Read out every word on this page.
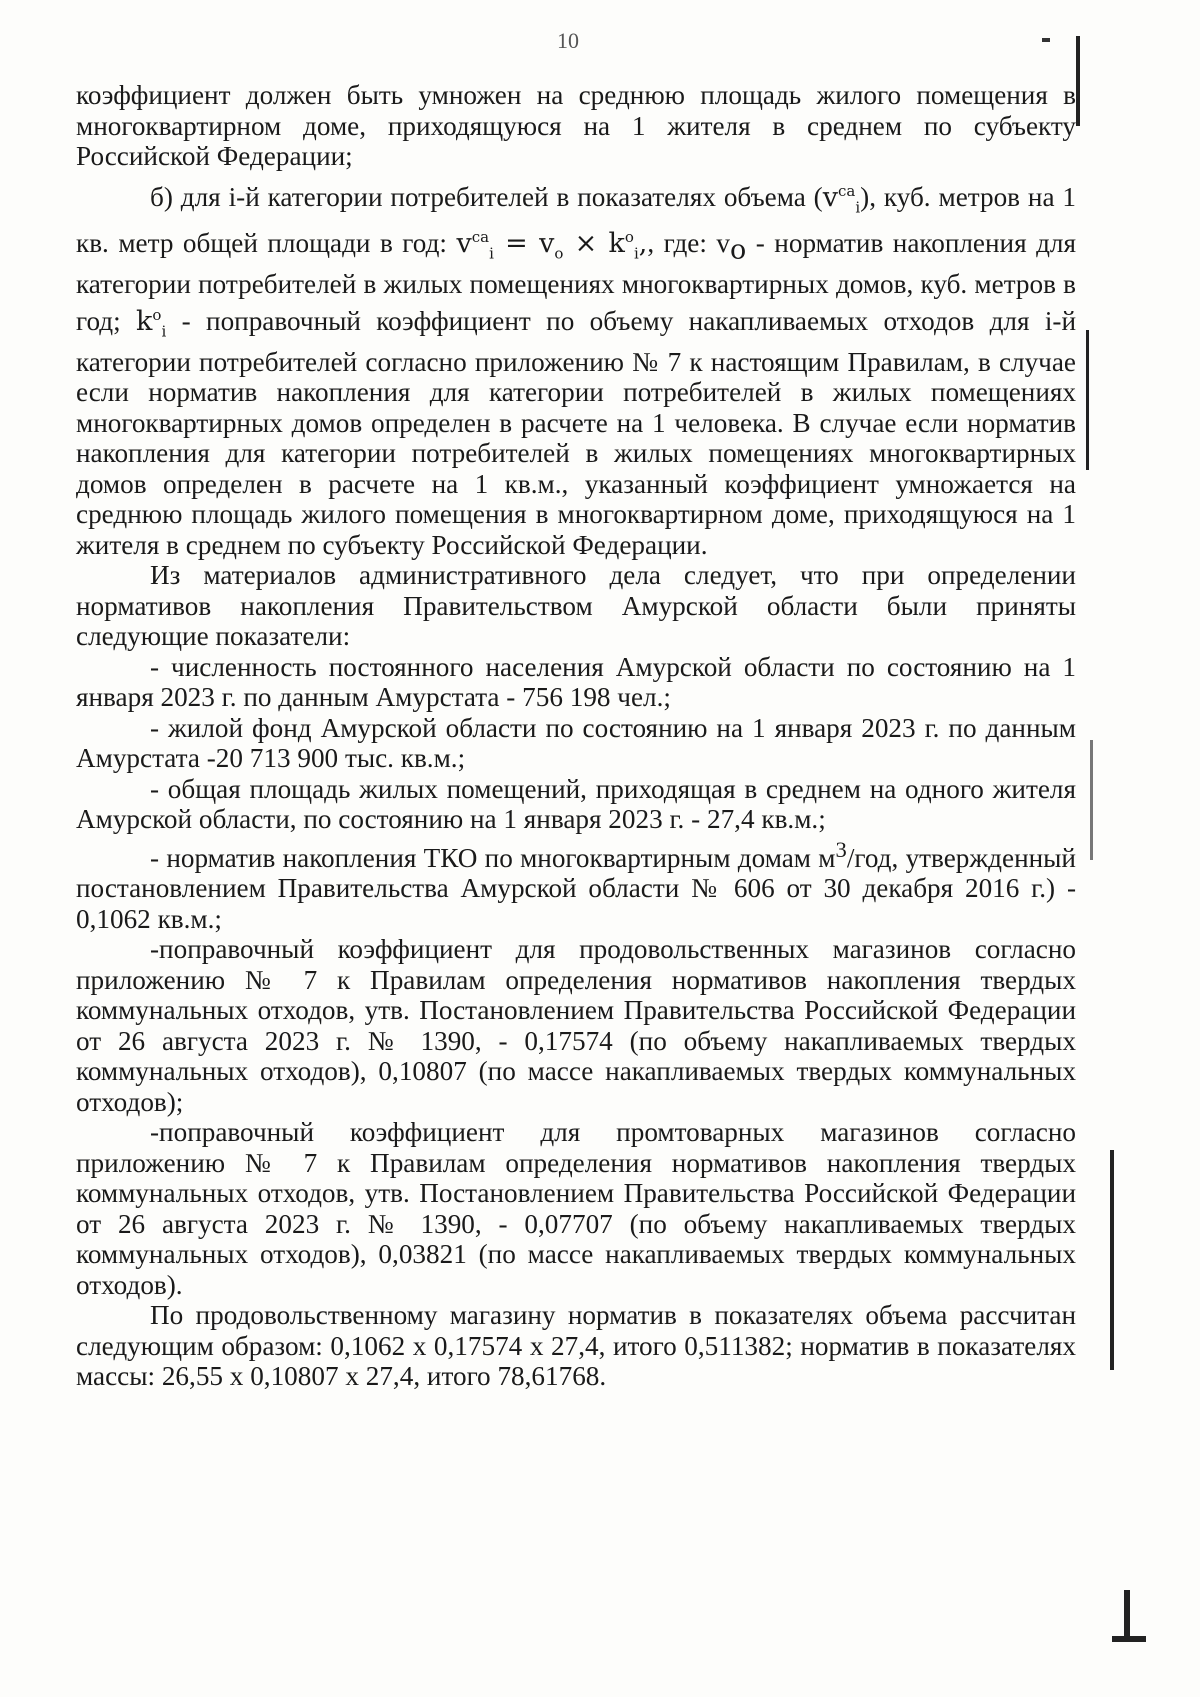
10

коэффициент должен быть умножен на среднюю площадь жилого помещения в многоквартирном доме, приходящуюся на 1 жителя в среднем по субъекту Российской Федерации;

б) для i-й категории потребителей в показателях объема $(v^{ca}_i)$, куб. метров на 1 кв. метр общей площади в год: $v^{ca}_i = v_o \times k^o_i$,, где: $v_o$ - норматив накопления для категории потребителей в жилых помещениях многоквартирных домов, куб. метров в год; $k^o_i$ - поправочный коэффициент по объему накапливаемых отходов для i-й категории потребителей согласно приложению № 7 к настоящим Правилам, в случае если норматив накопления для категории потребителей в жилых помещениях многоквартирных домов определен в расчете на 1 человека. В случае если норматив накопления для категории потребителей в жилых помещениях многоквартирных домов определен в расчете на 1 кв.м., указанный коэффициент умножается на среднюю площадь жилого помещения в многоквартирном доме, приходящуюся на 1 жителя в среднем по субъекту Российской Федерации.

Из материалов административного дела следует, что при определении нормативов накопления Правительством Амурской области были приняты следующие показатели:

- численность постоянного населения Амурской области по состоянию на 1 января 2023 г. по данным Амурстата - 756 198 чел.;

- жилой фонд Амурской области по состоянию на 1 января 2023 г. по данным Амурстата -20 713 900 тыс. кв.м.;

- общая площадь жилых помещений, приходящая в среднем на одного жителя Амурской области, по состоянию на 1 января 2023 г. - 27,4 кв.м.;

- норматив накопления ТКО по многоквартирным домам $м^3$/год, утвержденный постановлением Правительства Амурской области № 606 от 30 декабря 2016 г.) - 0,1062 кв.м.;

-поправочный коэффициент для продовольственных магазинов согласно приложению № 7 к Правилам определения нормативов накопления твердых коммунальных отходов, утв. Постановлением Правительства Российской Федерации от 26 августа 2023 г. № 1390, - 0,17574 (по объему накапливаемых твердых коммунальных отходов), 0,10807 (по массе накапливаемых твердых коммунальных отходов);

-поправочный коэффициент для промтоварных магазинов согласно приложению № 7 к Правилам определения нормативов накопления твердых коммунальных отходов, утв. Постановлением Правительства Российской Федерации от 26 августа 2023 г. № 1390, - 0,07707 (по объему накапливаемых твердых коммунальных отходов), 0,03821 (по массе накапливаемых твердых коммунальных отходов).

По продовольственному магазину норматив в показателях объема рассчитан следующим образом: 0,1062 х 0,17574 х 27,4, итого 0,511382; норматив в показателях массы: 26,55 х 0,10807 х 27,4, итого 78,61768.
